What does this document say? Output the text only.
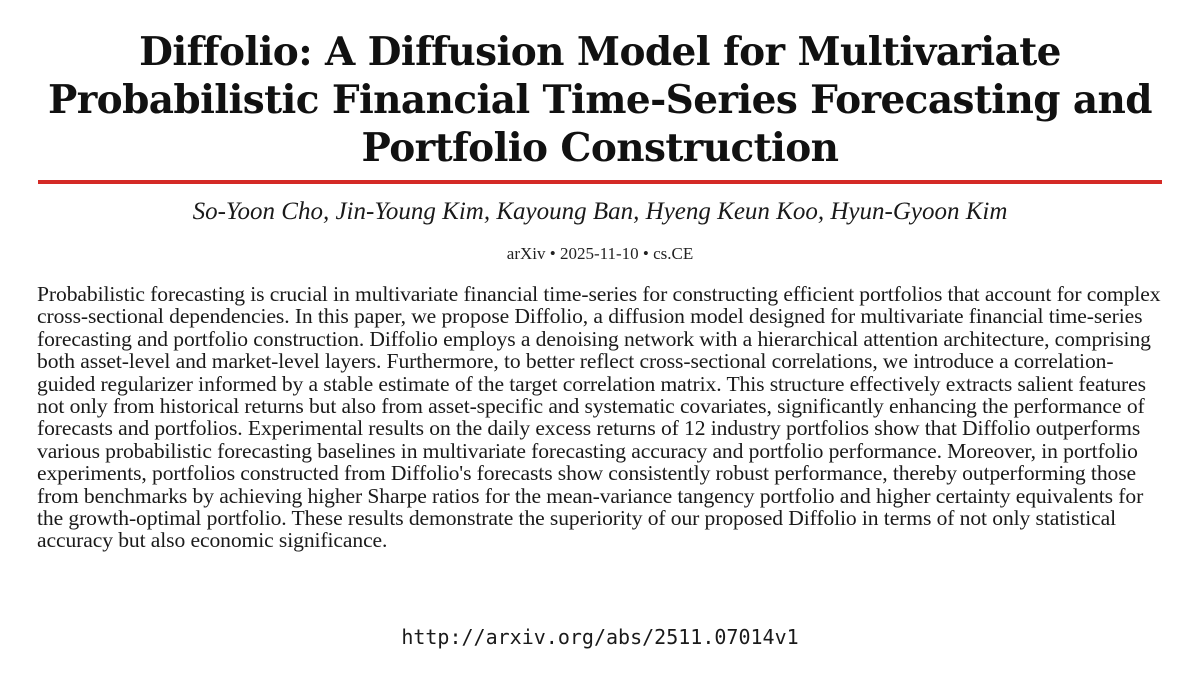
Diffolio: A Diffusion Model for Multivariate Probabilistic Financial Time-Series Forecasting and Portfolio Construction
So-Yoon Cho, Jin-Young Kim, Kayoung Ban, Hyeng Keun Koo, Hyun-Gyoon Kim
arXiv • 2025-11-10 • cs.CE

Probabilistic forecasting is crucial in multivariate financial time-series for constructing efficient portfolios that account for complex cross-sectional dependencies. In this paper, we propose Diffolio, a diffusion model designed for multivariate financial time-series forecasting and portfolio construction. Diffolio employs a denoising network with a hierarchical attention architecture, comprising both asset-level and market-level layers. Furthermore, to better reflect cross-sectional correlations, we introduce a correlation-guided regularizer informed by a stable estimate of the target correlation matrix. This structure effectively extracts salient features not only from historical returns but also from asset-specific and systematic covariates, significantly enhancing the performance of forecasts and portfolios. Experimental results on the daily excess returns of 12 industry portfolios show that Diffolio outperforms various probabilistic forecasting baselines in multivariate forecasting accuracy and portfolio performance. Moreover, in portfolio experiments, portfolios constructed from Diffolio's forecasts show consistently robust performance, thereby outperforming those from benchmarks by achieving higher Sharpe ratios for the mean-variance tangency portfolio and higher certainty equivalents for the growth-optimal portfolio. These results demonstrate the superiority of our proposed Diffolio in terms of not only statistical accuracy but also economic significance.

http://arxiv.org/abs/2511.07014v1
